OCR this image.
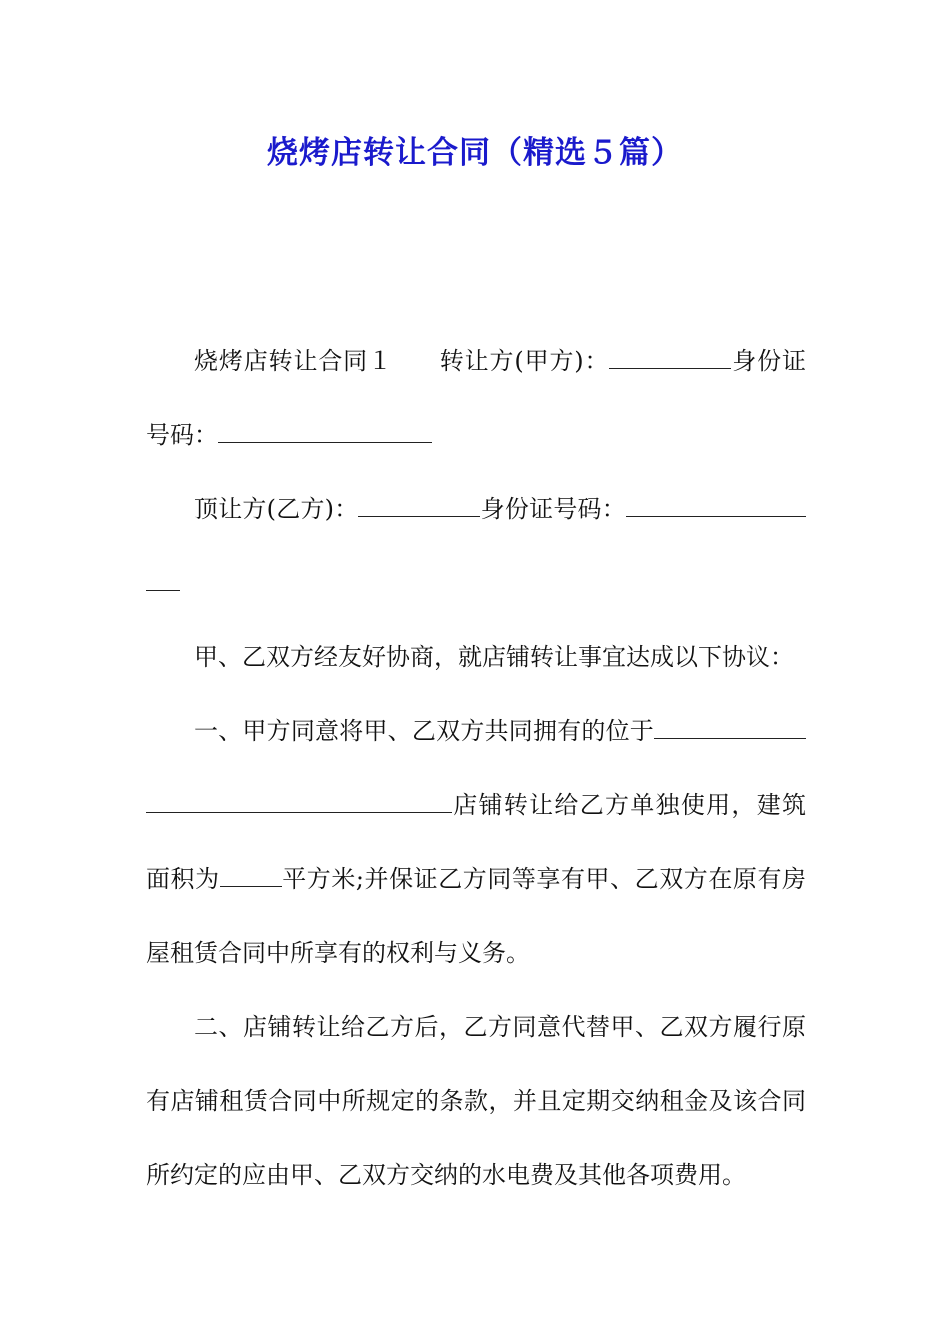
烧烤店转让合同（精选５篇）

烧烤店转让合同１ 转让方(甲方)：	身份证号码：

顶让方(乙方)：	身份证号码：

甲、乙双方经友好协商，就店铺转让事宜达成以下协议：

一、甲方同意将甲、乙双方共同拥有的位于店铺转让给乙方单独使用，建筑面积为	平方米;并保证乙方同等享有甲、乙双方在原有房屋租赁合同中所享有的权利与义务。

二、店铺转让给乙方后，乙方同意代替甲、乙双方履行原有店铺租赁合同中所规定的条款，并且定期交纳租金及该合同所约定的应由甲、乙双方交纳的水电费及其他各项费用。
